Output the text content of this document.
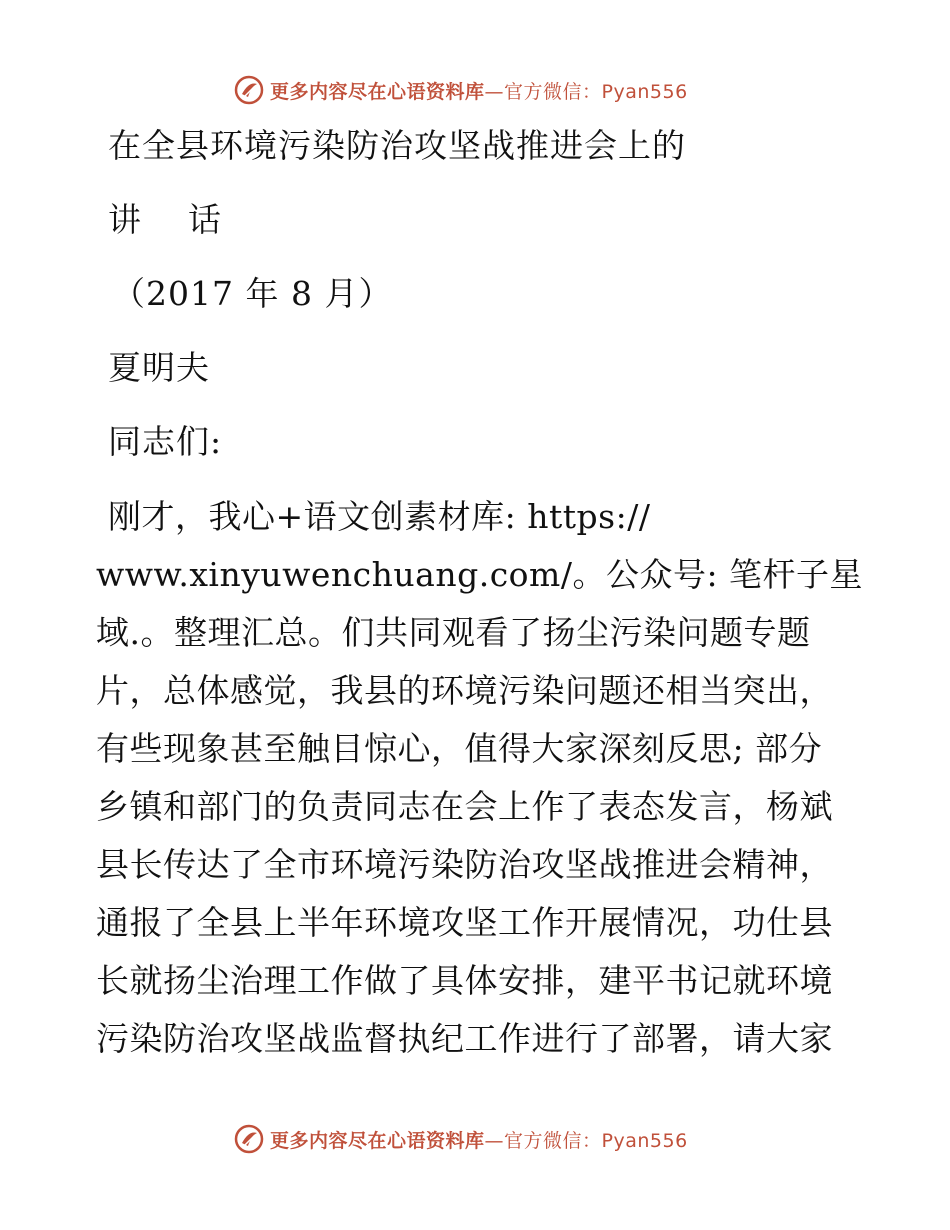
更多内容尽在心语资料库 —官方微信：Pyan556
在全县环境污染防治攻坚战推进会上的
讲    话
（2017 年 8 月）
夏明夫
同志们:
刚才，我心+语文创素材库: https://
www.xinyuwenchuang.com/。公众号: 笔杆子星
域.。整理汇总。们共同观看了扬尘污染问题专题
片，总体感觉，我县的环境污染问题还相当突出，
有些现象甚至触目惊心，值得大家深刻反思; 部分
乡镇和部门的负责同志在会上作了表态发言，杨斌
县长传达了全市环境污染防治攻坚战推进会精神，
通报了全县上半年环境攻坚工作开展情况，功仕县
长就扬尘治理工作做了具体安排，建平书记就环境
污染防治攻坚战监督执纪工作进行了部署，请大家
更多内容尽在心语资料库 —官方微信：Pyan556
